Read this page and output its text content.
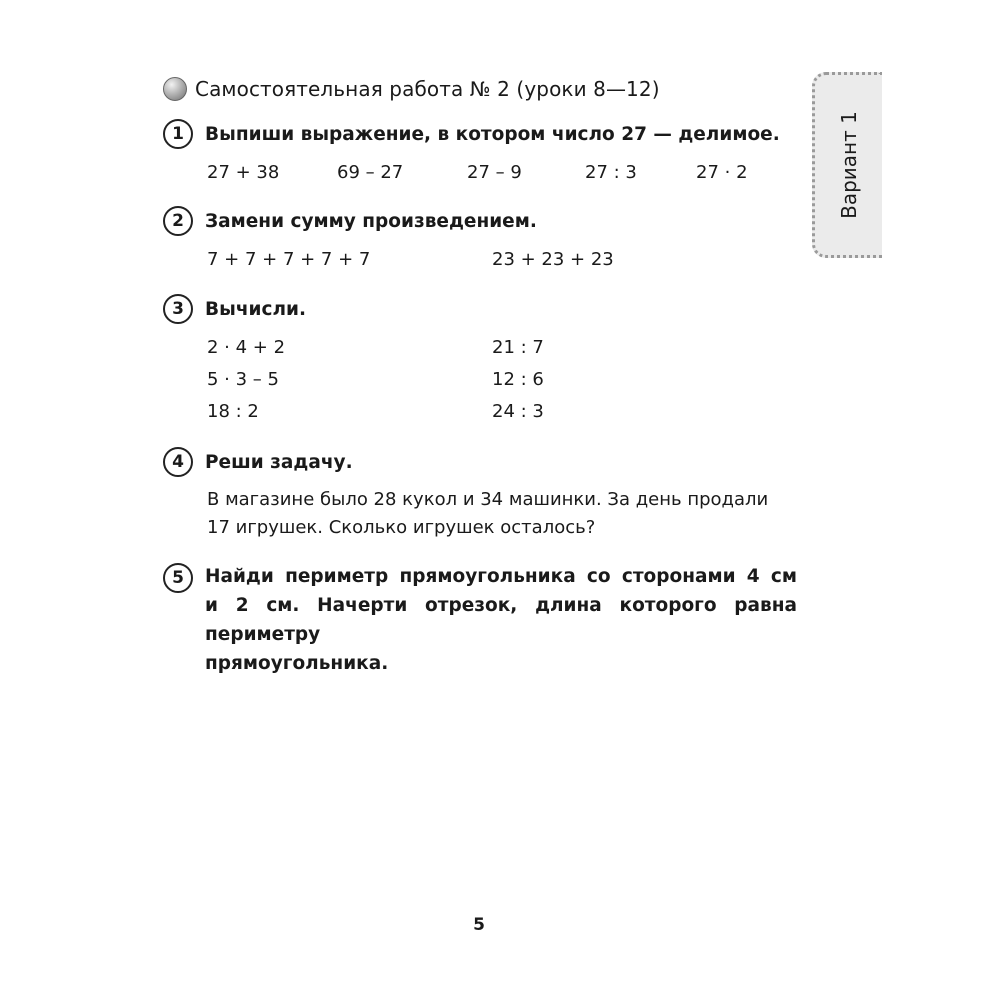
Самостоятельная работа № 2 (уроки 8—12)
Вариант 1
1	Выпиши выражение, в котором число 27 — делимое.
27 + 38	69 – 27	27 – 9	27 : 3	27 · 2
2	Замени сумму произведением.
7 + 7 + 7 + 7 + 7	23 + 23 + 23
3	Вычисли.
2 · 4 + 2	21 : 7
5 · 3 – 5	12 : 6
18 : 2	24 : 3
4	Реши задачу.
В магазине было 28 кукол и 34 машинки. За день продали
17 игрушек. Сколько игрушек осталось?
5	Найди периметр прямоугольника со сторонами 4 см
и 2 см. Начерти отрезок, длина которого равна периметру
прямоугольника.
5
